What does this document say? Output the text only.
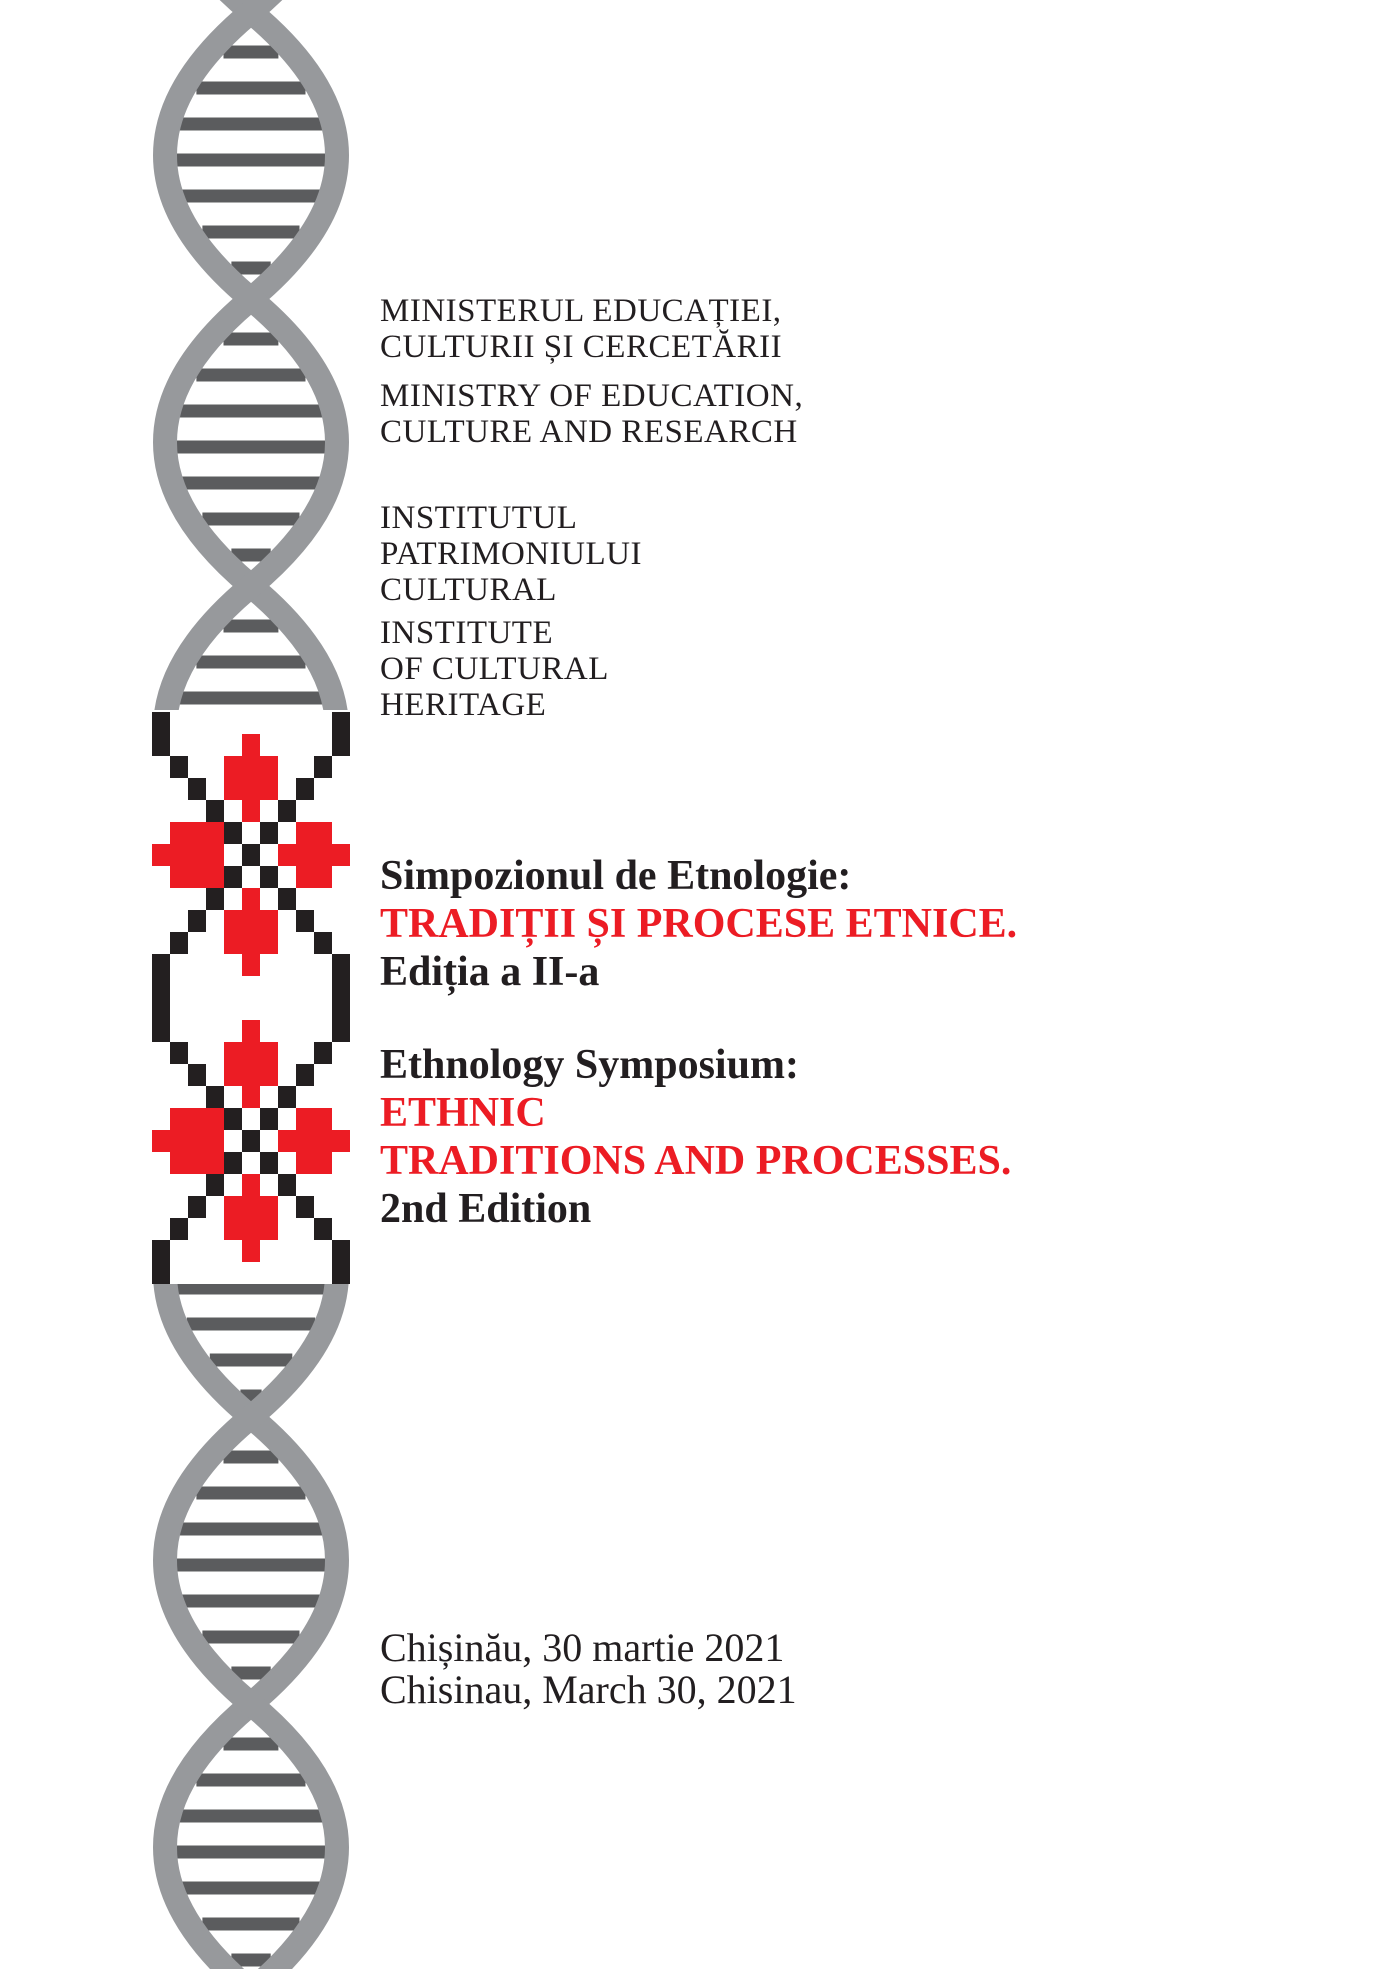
MINISTERUL EDUCAȚIEI,
CULTURII ȘI CERCETĂRII
MINISTRY OF EDUCATION,
CULTURE AND RESEARCH
INSTITUTUL
PATRIMONIULUI
CULTURAL
INSTITUTE
OF CULTURAL
HERITAGE
Simpozionul de Etnologie:
TRADIȚII ȘI PROCESE ETNICE.
Ediția a II-a
Ethnology Symposium:
ETHNIC
TRADITIONS AND PROCESSES.
2nd Edition
Chișinău, 30 martie 2021
Chisinau, March 30, 2021
